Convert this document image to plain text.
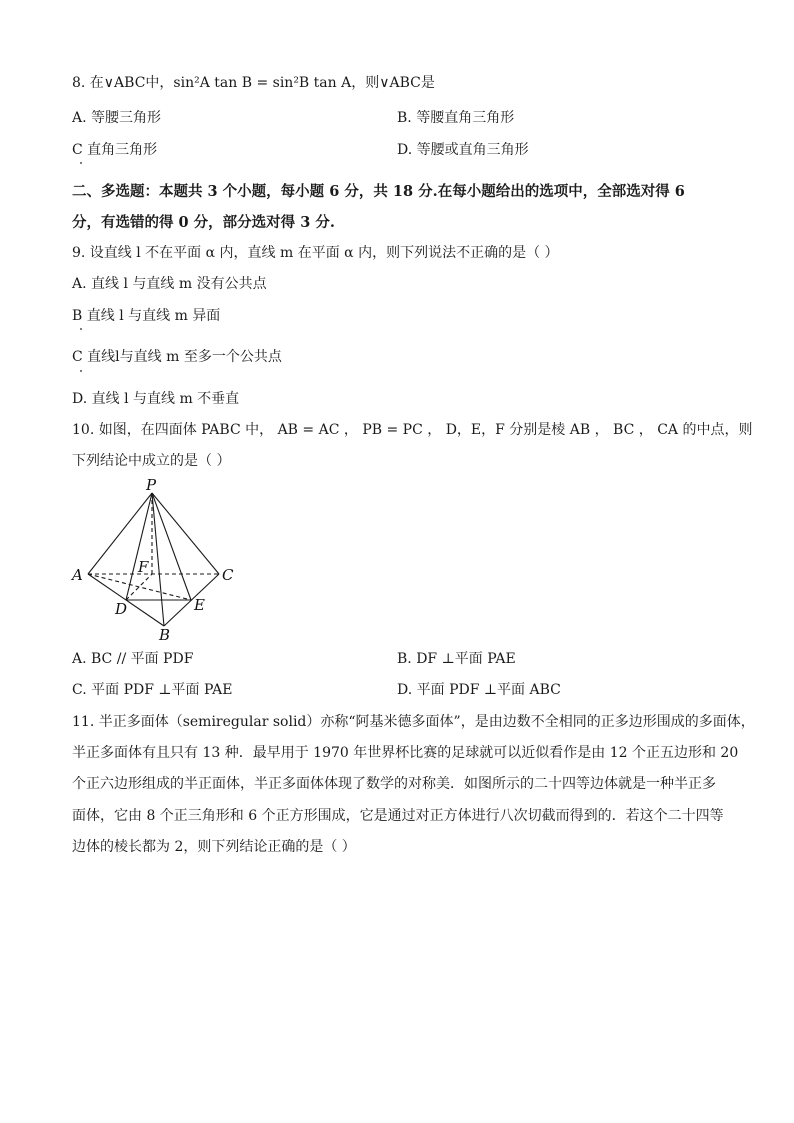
8. 在∨ABC中，sin²A tan B = sin²B tan A，则∨ABC是
A. 等腰三角形	B. 等腰直角三角形
C 直角三角形	D. 等腰或直角三角形
二、多选题：本题共 3 个小题，每小题 6 分，共 18 分.在每小题给出的选项中，全部选对得 6
分，有选错的得 0 分，部分选对得 3 分.
9. 设直线 l 不在平面 α 内，直线 m 在平面 α 内，则下列说法不正确的是（ ）
A. 直线 l 与直线 m 没有公共点
B 直线 l 与直线 m 异面
C 直线l与直线 m 至多一个公共点
D. 直线 l 与直线 m 不垂直
10. 如图，在四面体 PABC 中， AB = AC ， PB = PC ， D，E，F 分别是棱 AB ， BC ， CA 的中点，则
下列结论中成立的是（ ）
P
A	C
F
D	E
B
A. BC // 平面 PDF	B. DF ⊥平面 PAE
C. 平面 PDF ⊥平面 PAE	D. 平面 PDF ⊥平面 ABC
11. 半正多面体（semiregular solid）亦称“阿基米德多面体”，是由边数不全相同的正多边形围成的多面体，
半正多面体有且只有 13 种．最早用于 1970 年世界杯比赛的足球就可以近似看作是由 12 个正五边形和 20
个正六边形组成的半正面体，半正多面体体现了数学的对称美．如图所示的二十四等边体就是一种半正多
面体，它由 8 个正三角形和 6 个正方形围成，它是通过对正方体进行八次切截而得到的．若这个二十四等
边体的棱长都为 2，则下列结论正确的是（ ）
